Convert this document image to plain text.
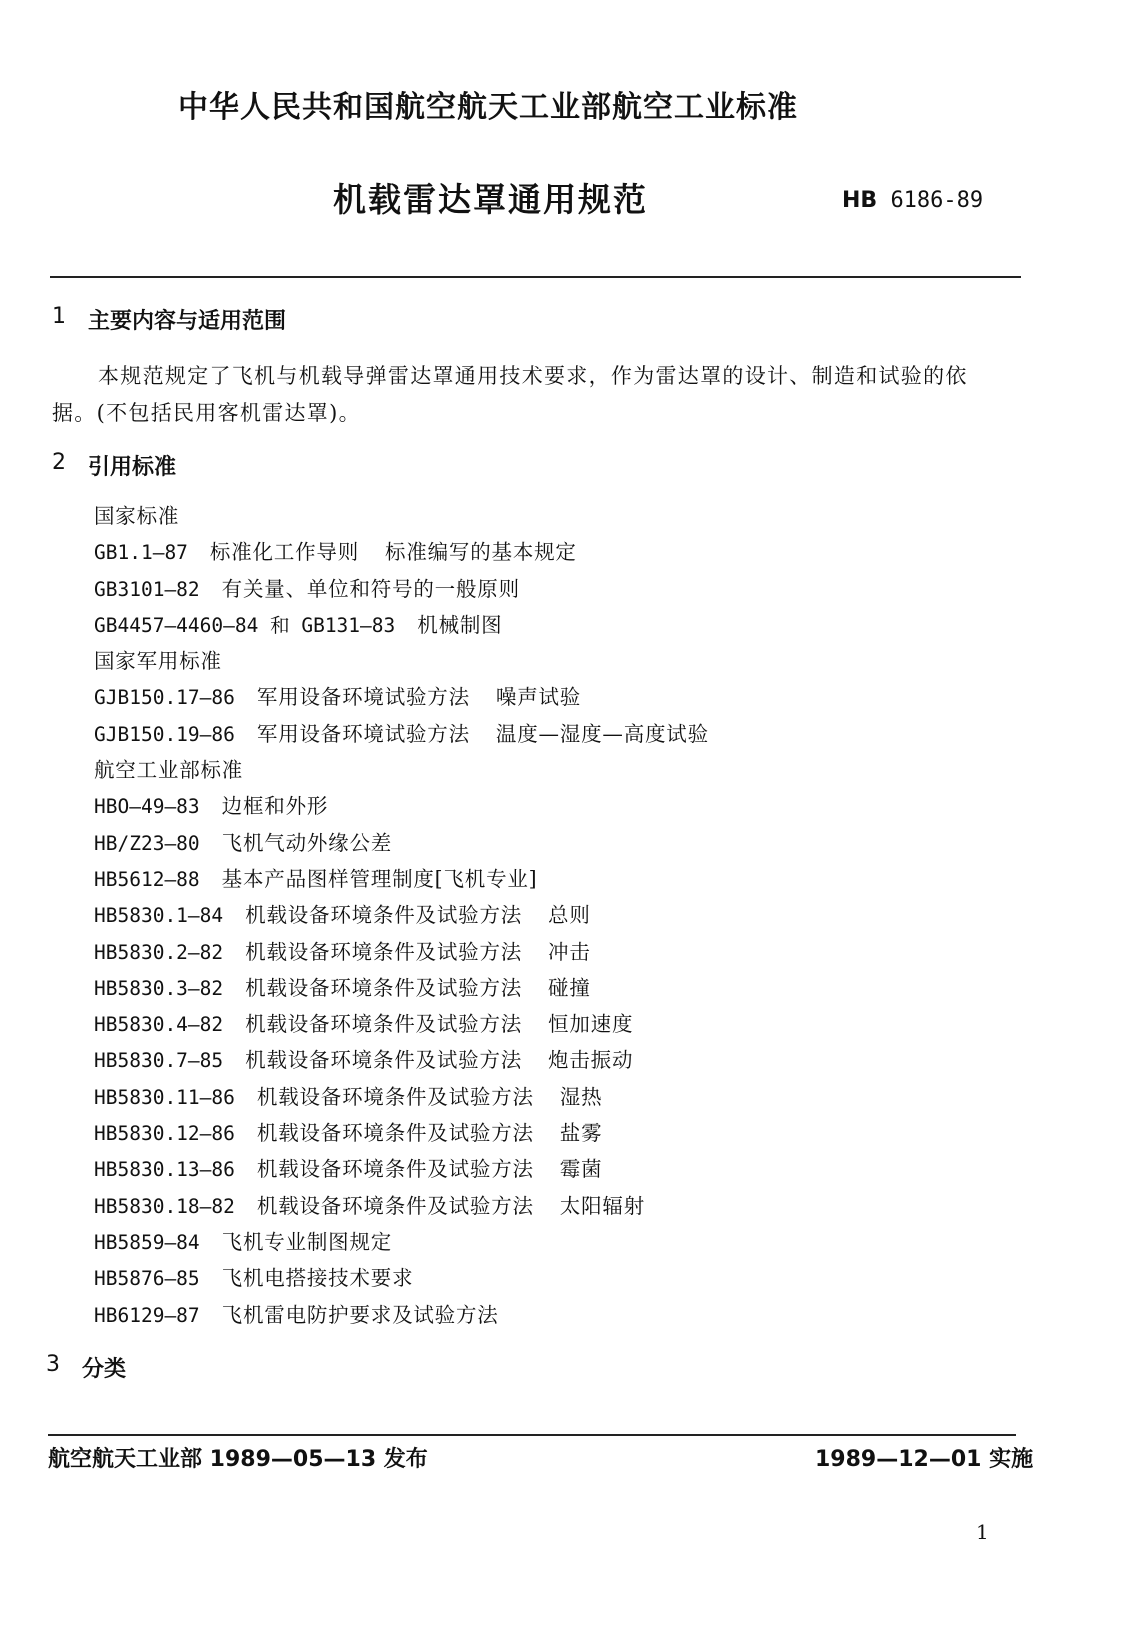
中华人民共和国航空航天工业部航空工业标准
机载雷达罩通用规范	HB 6186-89
1 主要内容与适用范围
本规范规定了飞机与机载导弹雷达罩通用技术要求，作为雷达罩的设计、制造和试验的依
据。(不包括民用客机雷达罩)。
2 引用标准
国家标准
GB1.1—87 标准化工作导则 标准编写的基本规定
GB3101—82 有关量、单位和符号的一般原则
GB4457—4460—84 和 GB131—83 机械制图
国家军用标准
GJB150.17—86 军用设备环境试验方法 噪声试验
GJB150.19—86 军用设备环境试验方法 温度—湿度—高度试验
航空工业部标准
HBO—49—83 边框和外形
HB/Z23—80 飞机气动外缘公差
HB5612—88 基本产品图样管理制度[飞机专业]
HB5830.1—84 机载设备环境条件及试验方法 总则
HB5830.2—82 机载设备环境条件及试验方法 冲击
HB5830.3—82 机载设备环境条件及试验方法 碰撞
HB5830.4—82 机载设备环境条件及试验方法 恒加速度
HB5830.7—85 机载设备环境条件及试验方法 炮击振动
HB5830.11—86 机载设备环境条件及试验方法 湿热
HB5830.12—86 机载设备环境条件及试验方法 盐雾
HB5830.13—86 机载设备环境条件及试验方法 霉菌
HB5830.18—82 机载设备环境条件及试验方法 太阳辐射
HB5859—84 飞机专业制图规定
HB5876—85 飞机电搭接技术要求
HB6129—87 飞机雷电防护要求及试验方法
3 分类
航空航天工业部 1989—05—13 发布	1989—12—01 实施
1
